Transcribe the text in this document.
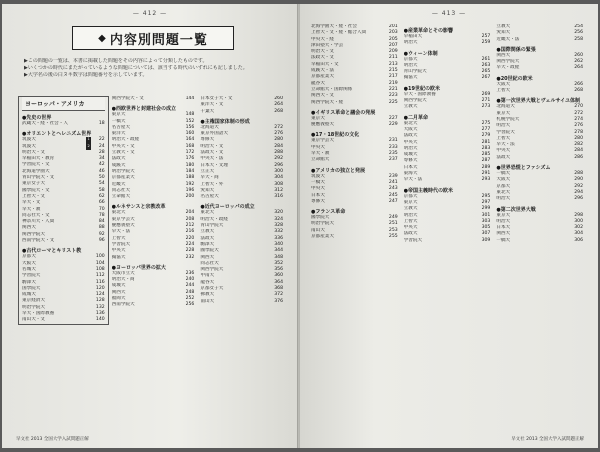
— 412 —
◆ 内容別問題一覧
▶この問題の一覧は、本書に掲載した問題をその内容によって分類したものです。
▶いくつかの時代にまたがっているような問題については、該当する時代のいずれにも記しました。
▶大学名の後の白ヌキ数字は問題番号を示しています。
ヨーロッパ・アメリカ
●先史の世界
武蔵大・経・社会・人	18
●オリエントとヘレニズム世界
筑波大	1	22
筑波大	2	24
明治大・文	28
早稲田大・教育	34
学習院大・文	42
北海道学園大	46
青山学院大・文	50
東京女子大	54
國學院大・文	58
上智大・文	62
早大・文	66
早大・教	70
同志社大・文	78
神奈川大・人間	84
関西大	88
関西学院大	92
西南学院大・文	96
●古代ローマとキリスト教
京都大	100
大阪大	104
名城大	108
学習院大	112
駒澤大	116
国學院大	120
成城大	124
東京経済大	128
明治学院大	132
早大・国際教養	136
南山大・文	140
関西学院大・文	144
●西欧世界と封建社会の成立
東京大	148
一橋大	152
名古屋大	156
東洋大	160
明治大・政経	164
中央大・文	168
立教大・文	172
法政大	176
成蹊大	180
明治学院大	184
京都産業大	188
近畿大	192
同志社大	196
立命館大	200
●ルネサンスと宗教改革
東北大	204
東京学芸大	208
慶應義塾大	212
早大・法	216
上智大	220
学習院大	224
中央大	228
獨協大	232
●ヨーロッパ世界の拡大
大阪市立大	236
明治大・商	240
成城大	244
関西大	248
福岡大	252
西南学院大	256
日本女子大・文	260
東洋大・文	264
千葉大	268
●主権国家体制の形成
北海道大	272
東京外国語大	276
専修大	280
明治大・文	284
法政大・文	288
中央大・法	292
日本大・文理	296
立正大	300
早大・商	304
上智大・外	308
愛知大	312
名古屋大	316
●近代ヨーロッパの成立
東北大	320
明治大・政経	324
青山学院大	328
立教大	332
法政大	336
駒澤大	340
國學院大	344
関西大	348
同志社大	352
関西学院大	356
甲南大	360
龍谷大	364
京都女子大	368
佛教大	372
南山大	376
早文社 2013 全国大学入試問題正解
— 413 —
北海学園大・経・社会	201
上智大・文・経・総合人間	203
中央大・経	205
津田塾大・学芸	207
明治大・文	209
法政大・文	211
早稲田大・文	213
成蹊大・法	215
京都産業大	217
龍谷大	219
立命館大・国際関係	221
関西大・文	223
関西学院大・経	225
●イギリス革命と議会の発展
東京大	227
慶應義塾大	229
●17・18世紀の文化
東京学芸大	231
中央大	233
早大・教	235
立命館大	237
●アメリカの独立と発展
筑波大	239
一橋大	241
中央大	243
日本大	245
専修大	247
●フランス革命
國學院大	249
明治学院大	251
南山大	253
京都産業大	255
●産業革命とその影響
早稲田大	257
明治大	259
●ウィーン体制
京都大	261
明治大	263
青山学院大	265
獨協大	267
●19世紀の欧米
早大・国際教養	269
関西学院大	271
立教大	273
●二月革命
東北大	275
大阪大	277
法政大	279
中央大	281
明治大	283
成城大	285
専修大	287
日本大	289
東海大	291
早大・法	293
●帝国主義時代の欧米
京都大	295
東京大	297
立教大	299
明治大	301
上智大	303
中央大	305
法政大	307
学習院大	309
立教大	254
愛知大	256
近畿大・法	258
●国際関係の緊張
関西大	260
関西学院大	262
早大・政経	264
●20世紀の欧米
大阪大	266
上智大	268
●第一次世界大戦とヴェルサイユ体制
北海道大	270
東京大	272
札幌学院大	274
明治大	276
学習院大	278
上智大	280
早大・法	282
中央大	284
法政大	286
●世界恐慌とファシズム
一橋大	288
大阪大	290
京都大	292
東北大	294
明治大	296
●第二次世界大戦
東京大	298
明治大	300
日本大	302
関西大	304
一橋大	306
早文社 2013 全国大学入試問題正解
